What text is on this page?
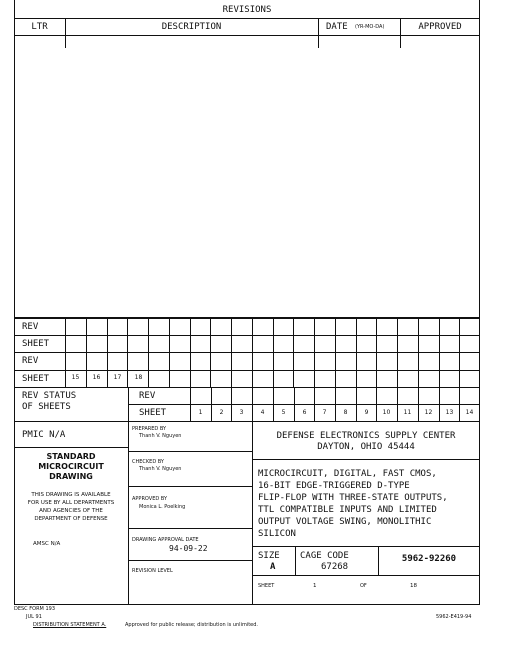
REVISIONS
LTR	DESCRIPTION	DATE (YR-MO-DA)	APPROVED
REV
SHEET
REV
SHEET	15	16	17	18
REV STATUS
OF SHEETS
REV
SHEET	1	2	3	4	5	6	7	8	9	10	11	12	13	14
PMIC N/A
STANDARD
MICROCIRCUIT
DRAWING
THIS DRAWING IS AVAILABLE
FOR USE BY ALL DEPARTMENTS
AND AGENCIES OF THE
DEPARTMENT OF DEFENSE
AMSC N/A
PREPARED BY
Thanh V. Nguyen
CHECKED BY
Thanh V. Nguyen
APPROVED BY
Monica L. Poelking
DRAWING APPROVAL DATE
94-09-22
REVISION LEVEL
DEFENSE ELECTRONICS SUPPLY CENTER
DAYTON, OHIO 45444
MICROCIRCUIT, DIGITAL, FAST CMOS,
16-BIT EDGE-TRIGGERED D-TYPE
FLIP-FLOP WITH THREE-STATE OUTPUTS,
TTL COMPATIBLE INPUTS AND LIMITED
OUTPUT VOLTAGE SWING, MONOLITHIC
SILICON
SIZE
A
CAGE CODE
67268
5962-92260
SHEET	1	OF	18
DESC FORM 193
JUL 91
DISTRIBUTION STATEMENT A.	Approved for public release; distribution is unlimited.
5962-E419-94
